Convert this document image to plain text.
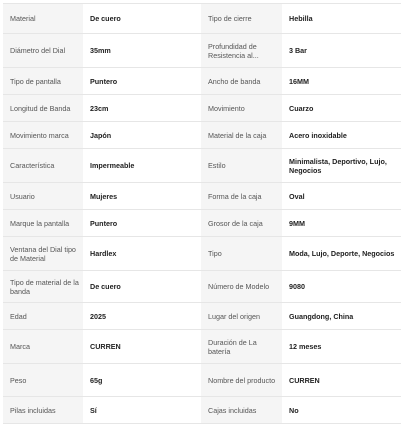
Material	De cuero	Tipo de cierre	Hebilla
Diámetro del Dial	35mm	Profundidad de Resistencia al...	3 Bar
Tipo de pantalla	Puntero	Ancho de banda	16MM
Longitud de Banda	23cm	Movimiento	Cuarzo
Movimiento marca	Japón	Material de la caja	Acero inoxidable
Característica	Impermeable	Estilo	Minimalista, Deportivo, Lujo, Negocios
Usuario	Mujeres	Forma de la caja	Oval
Marque la pantalla	Puntero	Grosor de la caja	9MM
Ventana del Dial tipo de Material	Hardlex	Tipo	Moda, Lujo, Deporte, Negocios
Tipo de material de la banda	De cuero	Número de Modelo	9080
Edad	2025	Lugar del origen	Guangdong, China
Marca	CURREN	Duración de La batería	12 meses
Peso	65g	Nombre del producto	CURREN
Pilas incluidas	Sí	Cajas incluidas	No
